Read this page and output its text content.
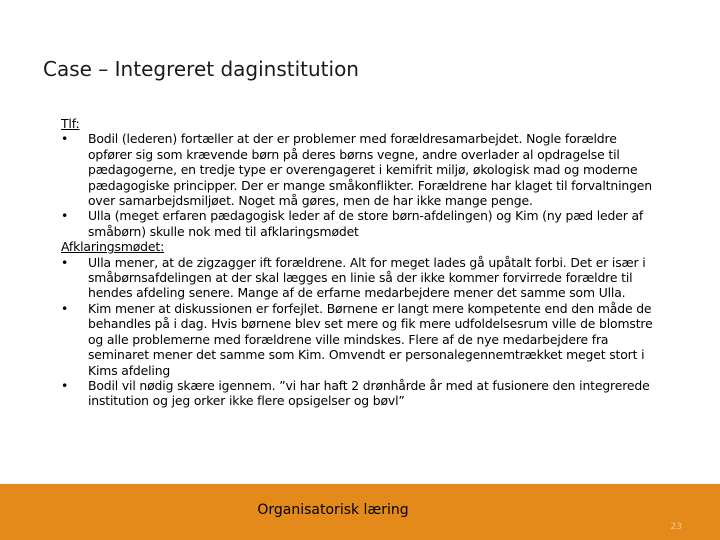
Case – Integreret daginstitution
Tlf:
•	Bodil (lederen) fortæller at der er problemer med forældresamarbejdet. Nogle forældre opfører sig som krævende børn på deres børns vegne, andre overlader al opdragelse til pædagogerne, en tredje type er overengageret i kemifrit miljø, økologisk mad og moderne pædagogiske principper. Der er mange småkonflikter. Forældrene har klaget til forvaltningen over samarbejdsmiljøet. Noget må gøres, men de har ikke mange penge.
•	Ulla (meget erfaren pædagogisk leder af de store børn-afdelingen) og Kim (ny pæd leder af småbørn) skulle nok med til afklaringsmødet
Afklaringsmødet:
•	Ulla mener, at de zigzagger ift forældrene. Alt for meget lades gå upåtalt forbi. Det er især i småbørnsafdelingen at der skal lægges en linie så der ikke kommer forvirrede forældre til hendes afdeling senere. Mange af de erfarne medarbejdere mener det samme som Ulla.
•	Kim mener at diskussionen er forfejlet. Børnene er langt mere kompetente end den måde de behandles på i dag. Hvis børnene blev set mere og fik mere udfoldelsesrum ville de blomstre og alle problemerne med forældrene ville mindskes. Flere af de nye medarbejdere fra seminaret mener det samme som Kim. Omvendt er personalegennemtrækket meget stort i Kims afdeling
•	Bodil vil nødig skære igennem. ”vi har haft 2 drønhårde år med at fusionere den integrerede institution og jeg orker ikke flere opsigelser og bøvl”
Organisatorisk læring
23
